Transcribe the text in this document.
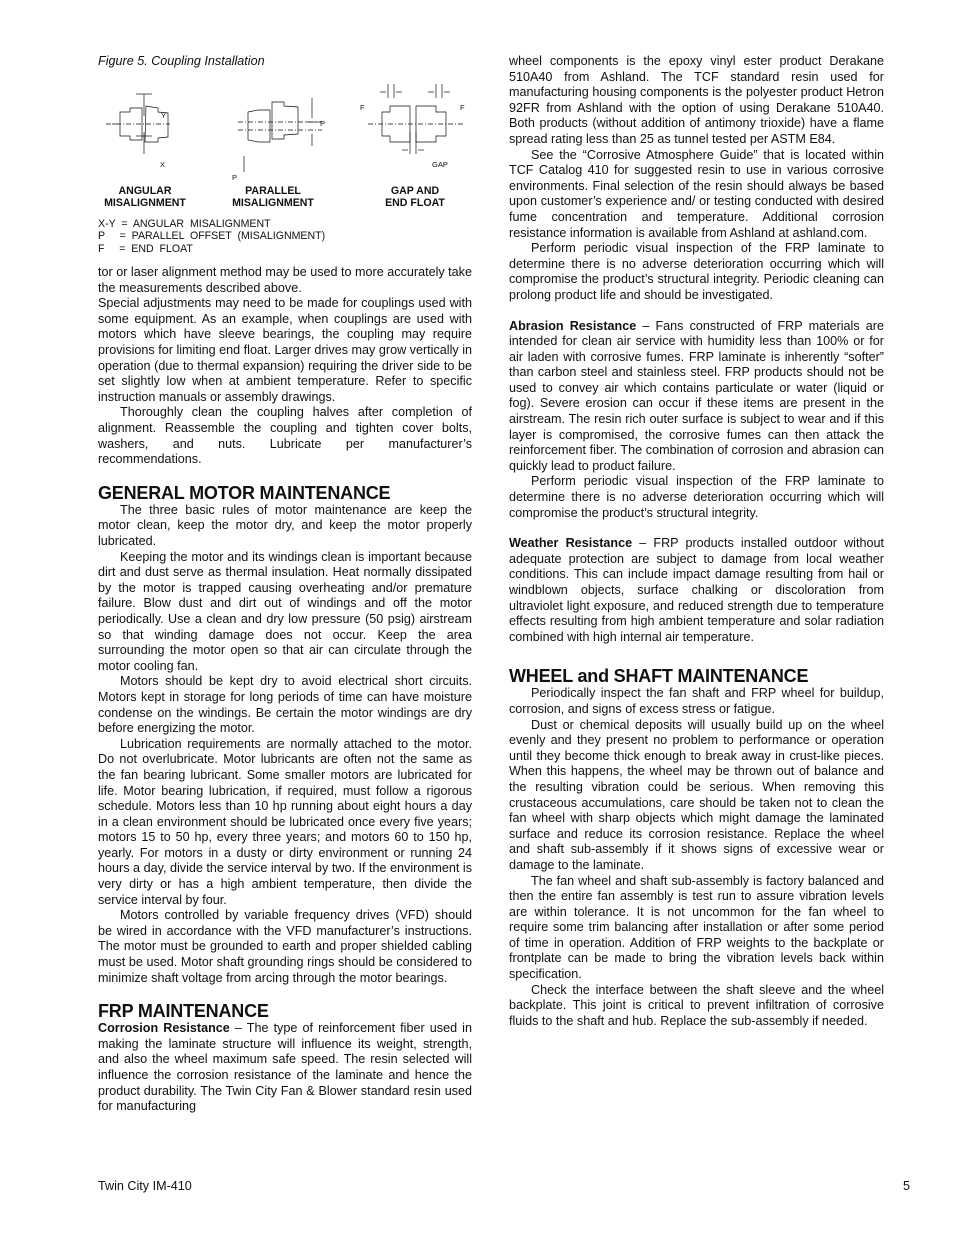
Figure 5. Coupling Installation
Y
X
P
P
F	F
GAP
ANGULAR
MISALIGNMENT
PARALLEL
MISALIGNMENT
GAP AND
END FLOAT
X-Y  =  ANGULAR  MISALIGNMENT
P     =  PARALLEL  OFFSET  (MISALIGNMENT)
F     =  END  FLOAT

tor or laser alignment method may be used to more accurately take the measurements described above.

Special adjustments may need to be made for couplings used with some equipment. As an example, when couplings are used with motors which have sleeve bearings, the coupling may require provisions for limiting end float. Larger drives may grow vertically in operation (due to thermal expansion) requiring the driver side to be set slightly low when at ambient temperature. Refer to specific instruction manuals or assembly drawings.

Thoroughly clean the coupling halves after completion of alignment. Reassemble the coupling and tighten cover bolts, washers, and nuts. Lubricate per manufacturer’s recommendations.

GENERAL MOTOR MAINTENANCE

The three basic rules of motor maintenance are keep the motor clean, keep the motor dry, and keep the motor properly lubricated.

Keeping the motor and its windings clean is important because dirt and dust serve as thermal insulation. Heat normally dissipated by the motor is trapped causing overheating and/or premature failure. Blow dust and dirt out of windings and off the motor periodically. Use a clean and dry low pressure (50 psig) airstream so that winding damage does not occur. Keep the area surrounding the motor open so that air can circulate through the motor cooling fan.

Motors should be kept dry to avoid electrical short circuits. Motors kept in storage for long periods of time can have moisture condense on the windings. Be certain the motor windings are dry before energizing the motor.

Lubrication requirements are normally attached to the motor. Do not overlubricate. Motor lubricants are often not the same as the fan bearing lubricant. Some smaller motors are lubricated for life. Motor bearing lubrication, if required, must follow a rigorous schedule. Motors less than 10 hp running about eight hours a day in a clean environment should be lubricated once every five years; motors 15 to 50 hp, every three years; and motors 60 to 150 hp, yearly. For motors in a dusty or dirty environment or running 24 hours a day, divide the service interval by two. If the environment is very dirty or has a high ambient temperature, then divide the service interval by four.

Motors controlled by variable frequency drives (VFD) should be wired in accordance with the VFD manufacturer’s instructions. The motor must be grounded to earth and proper shielded cabling must be used. Motor shaft grounding rings should be considered to minimize shaft voltage from arcing through the motor bearings.

FRP MAINTENANCE

Corrosion Resistance – The type of reinforcement fiber used in making the laminate structure will influence its weight, strength, and also the wheel maximum safe speed. The resin selected will influence the corrosion resistance of the laminate and hence the product durability. The Twin City Fan & Blower standard resin used for manufacturing

wheel components is the epoxy vinyl ester product Derakane 510A40 from Ashland. The TCF standard resin used for manufacturing housing components is the polyester product Hetron 92FR from Ashland with the option of using Derakane 510A40. Both products (without addition of antimony trioxide) have a flame spread rating less than 25 as tunnel tested per ASTM E84.

See the “Corrosive Atmosphere Guide” that is located within TCF Catalog 410 for suggested resin to use in various corrosive environments. Final selection of the resin should always be based upon customer’s experience and/ or testing conducted with desired fume concentration and temperature. Additional corrosion resistance information is available from Ashland at ashland.com.

Perform periodic visual inspection of the FRP laminate to determine there is no adverse deterioration occurring which will compromise the product’s structural integrity. Periodic cleaning can prolong product life and should be investigated.

Abrasion Resistance – Fans constructed of FRP materials are intended for clean air service with humidity less than 100% or for air laden with corrosive fumes. FRP laminate is inherently “softer” than carbon steel and stainless steel. FRP products should not be used to convey air which contains particulate or water (liquid or fog). Severe erosion can occur if these items are present in the airstream. The resin rich outer surface is subject to wear and if this layer is compromised, the corrosive fumes can then attack the reinforcement fiber. The combination of corrosion and abrasion can quickly lead to product failure.

Perform periodic visual inspection of the FRP laminate to determine there is no adverse deterioration occurring which will compromise the product’s structural integrity.

Weather Resistance – FRP products installed outdoor without adequate protection are subject to damage from local weather conditions. This can include impact damage resulting from hail or windblown objects, surface chalking or discoloration from ultraviolet light exposure, and reduced strength due to temperature effects resulting from high ambient temperature and solar radiation combined with high internal air temperature.

WHEEL and SHAFT MAINTENANCE

Periodically inspect the fan shaft and FRP wheel for buildup, corrosion, and signs of excess stress or fatigue.

Dust or chemical deposits will usually build up on the wheel evenly and they present no problem to performance or operation until they become thick enough to break away in crust-like pieces. When this happens, the wheel may be thrown out of balance and the resulting vibration could be serious. When removing this crustaceous accumulations, care should be taken not to clean the fan wheel with sharp objects which might damage the laminated surface and reduce its corrosion resistance. Replace the wheel and shaft sub-assembly if it shows signs of excessive wear or damage to the laminate.

The fan wheel and shaft sub-assembly is factory balanced and then the entire fan assembly is test run to assure vibration levels are within tolerance. It is not uncommon for the fan wheel to require some trim balancing after installation or after some period of time in operation. Addition of FRP weights to the backplate or frontplate can be made to bring the vibration levels back within specification.

Check the interface between the shaft sleeve and the wheel backplate. This joint is critical to prevent infiltration of corrosive fluids to the shaft and hub. Replace the sub-assembly if needed.

Twin City IM-410	5
